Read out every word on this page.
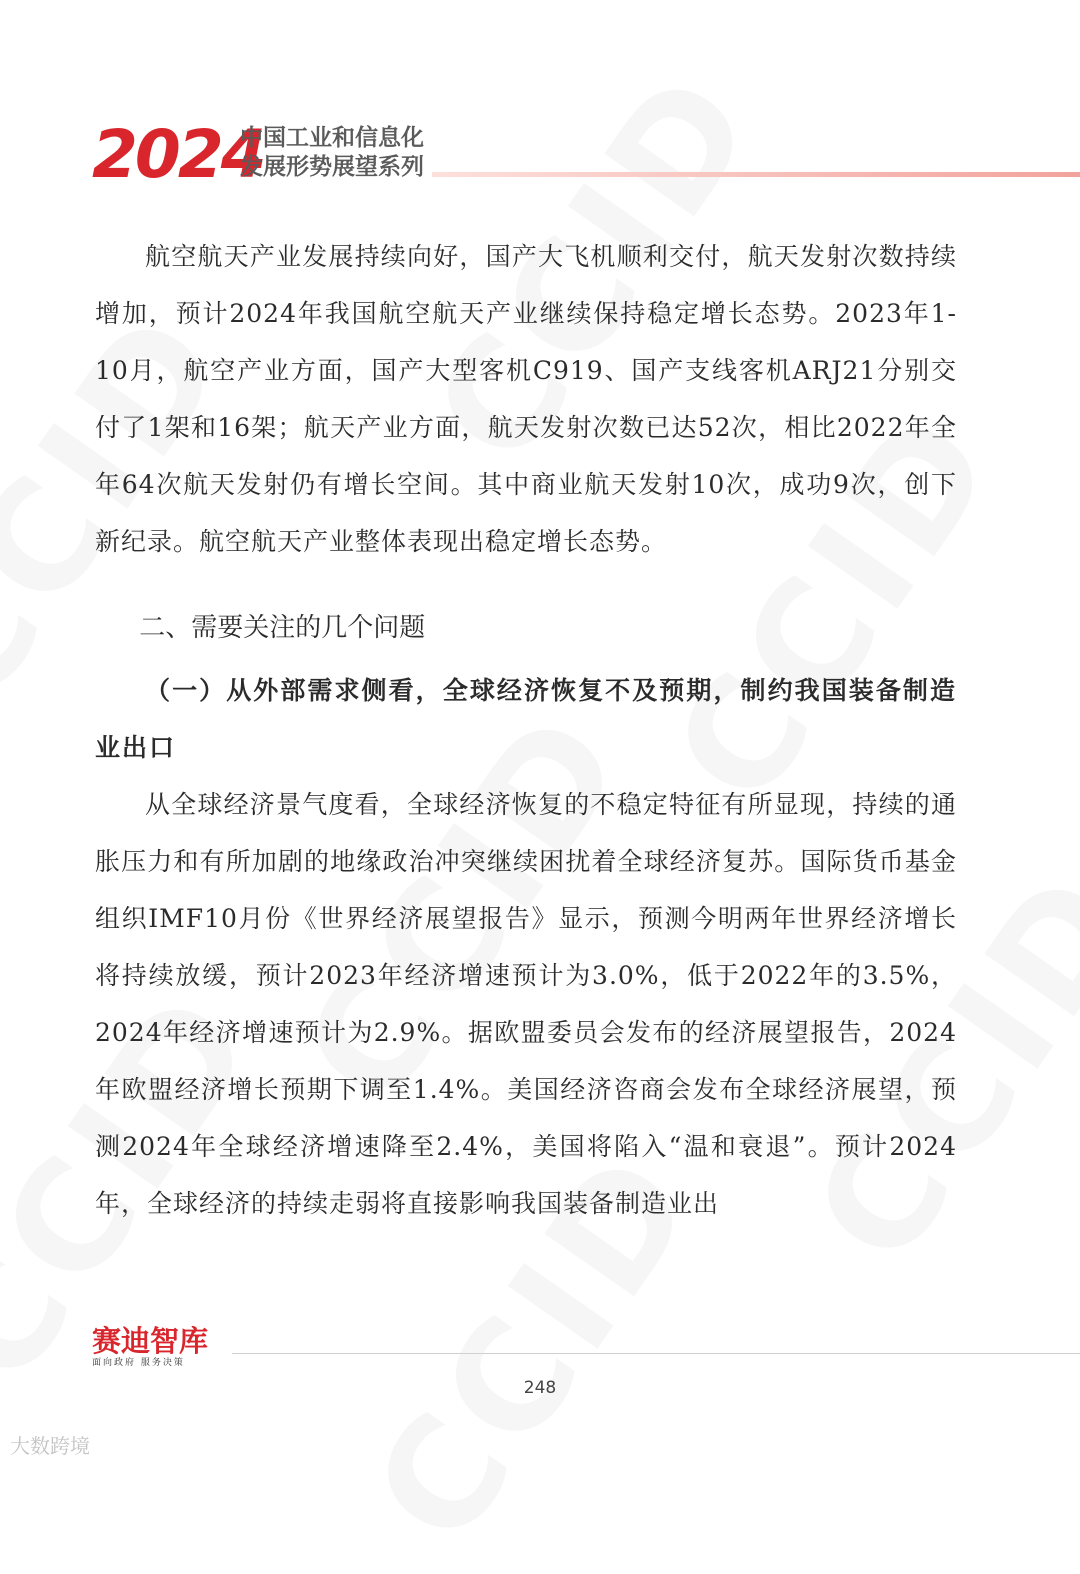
2024
中国工业和信息化
发展形势展望系列

航空航天产业发展持续向好，国产大飞机顺利交付，航天发射次数持续增加，预计2024年我国航空航天产业继续保持稳定增长态势。2023年1-10月，航空产业方面，国产大型客机C919、国产支线客机ARJ21分别交付了1架和16架；航天产业方面，航天发射次数已达52次，相比2022年全年64次航天发射仍有增长空间。其中商业航天发射10次，成功9次，创下新纪录。航空航天产业整体表现出稳定增长态势。

二、需要关注的几个问题

（一）从外部需求侧看，全球经济恢复不及预期，制约我国装备制造业出口

从全球经济景气度看，全球经济恢复的不稳定特征有所显现，持续的通胀压力和有所加剧的地缘政治冲突继续困扰着全球经济复苏。国际货币基金组织IMF10月份《世界经济展望报告》显示，预测今明两年世界经济增长将持续放缓，预计2023年经济增速预计为3.0%，低于2022年的3.5%，2024年经济增速预计为2.9%。据欧盟委员会发布的经济展望报告，2024年欧盟经济增长预期下调至1.4%。美国经济咨商会发布全球经济展望，预测2024年全球经济增速降至2.4%，美国将陷入“温和衰退”。预计2024年，全球经济的持续走弱将直接影响我国装备制造业出

赛迪智库
面向政府 服务决策
248
大数跨境
